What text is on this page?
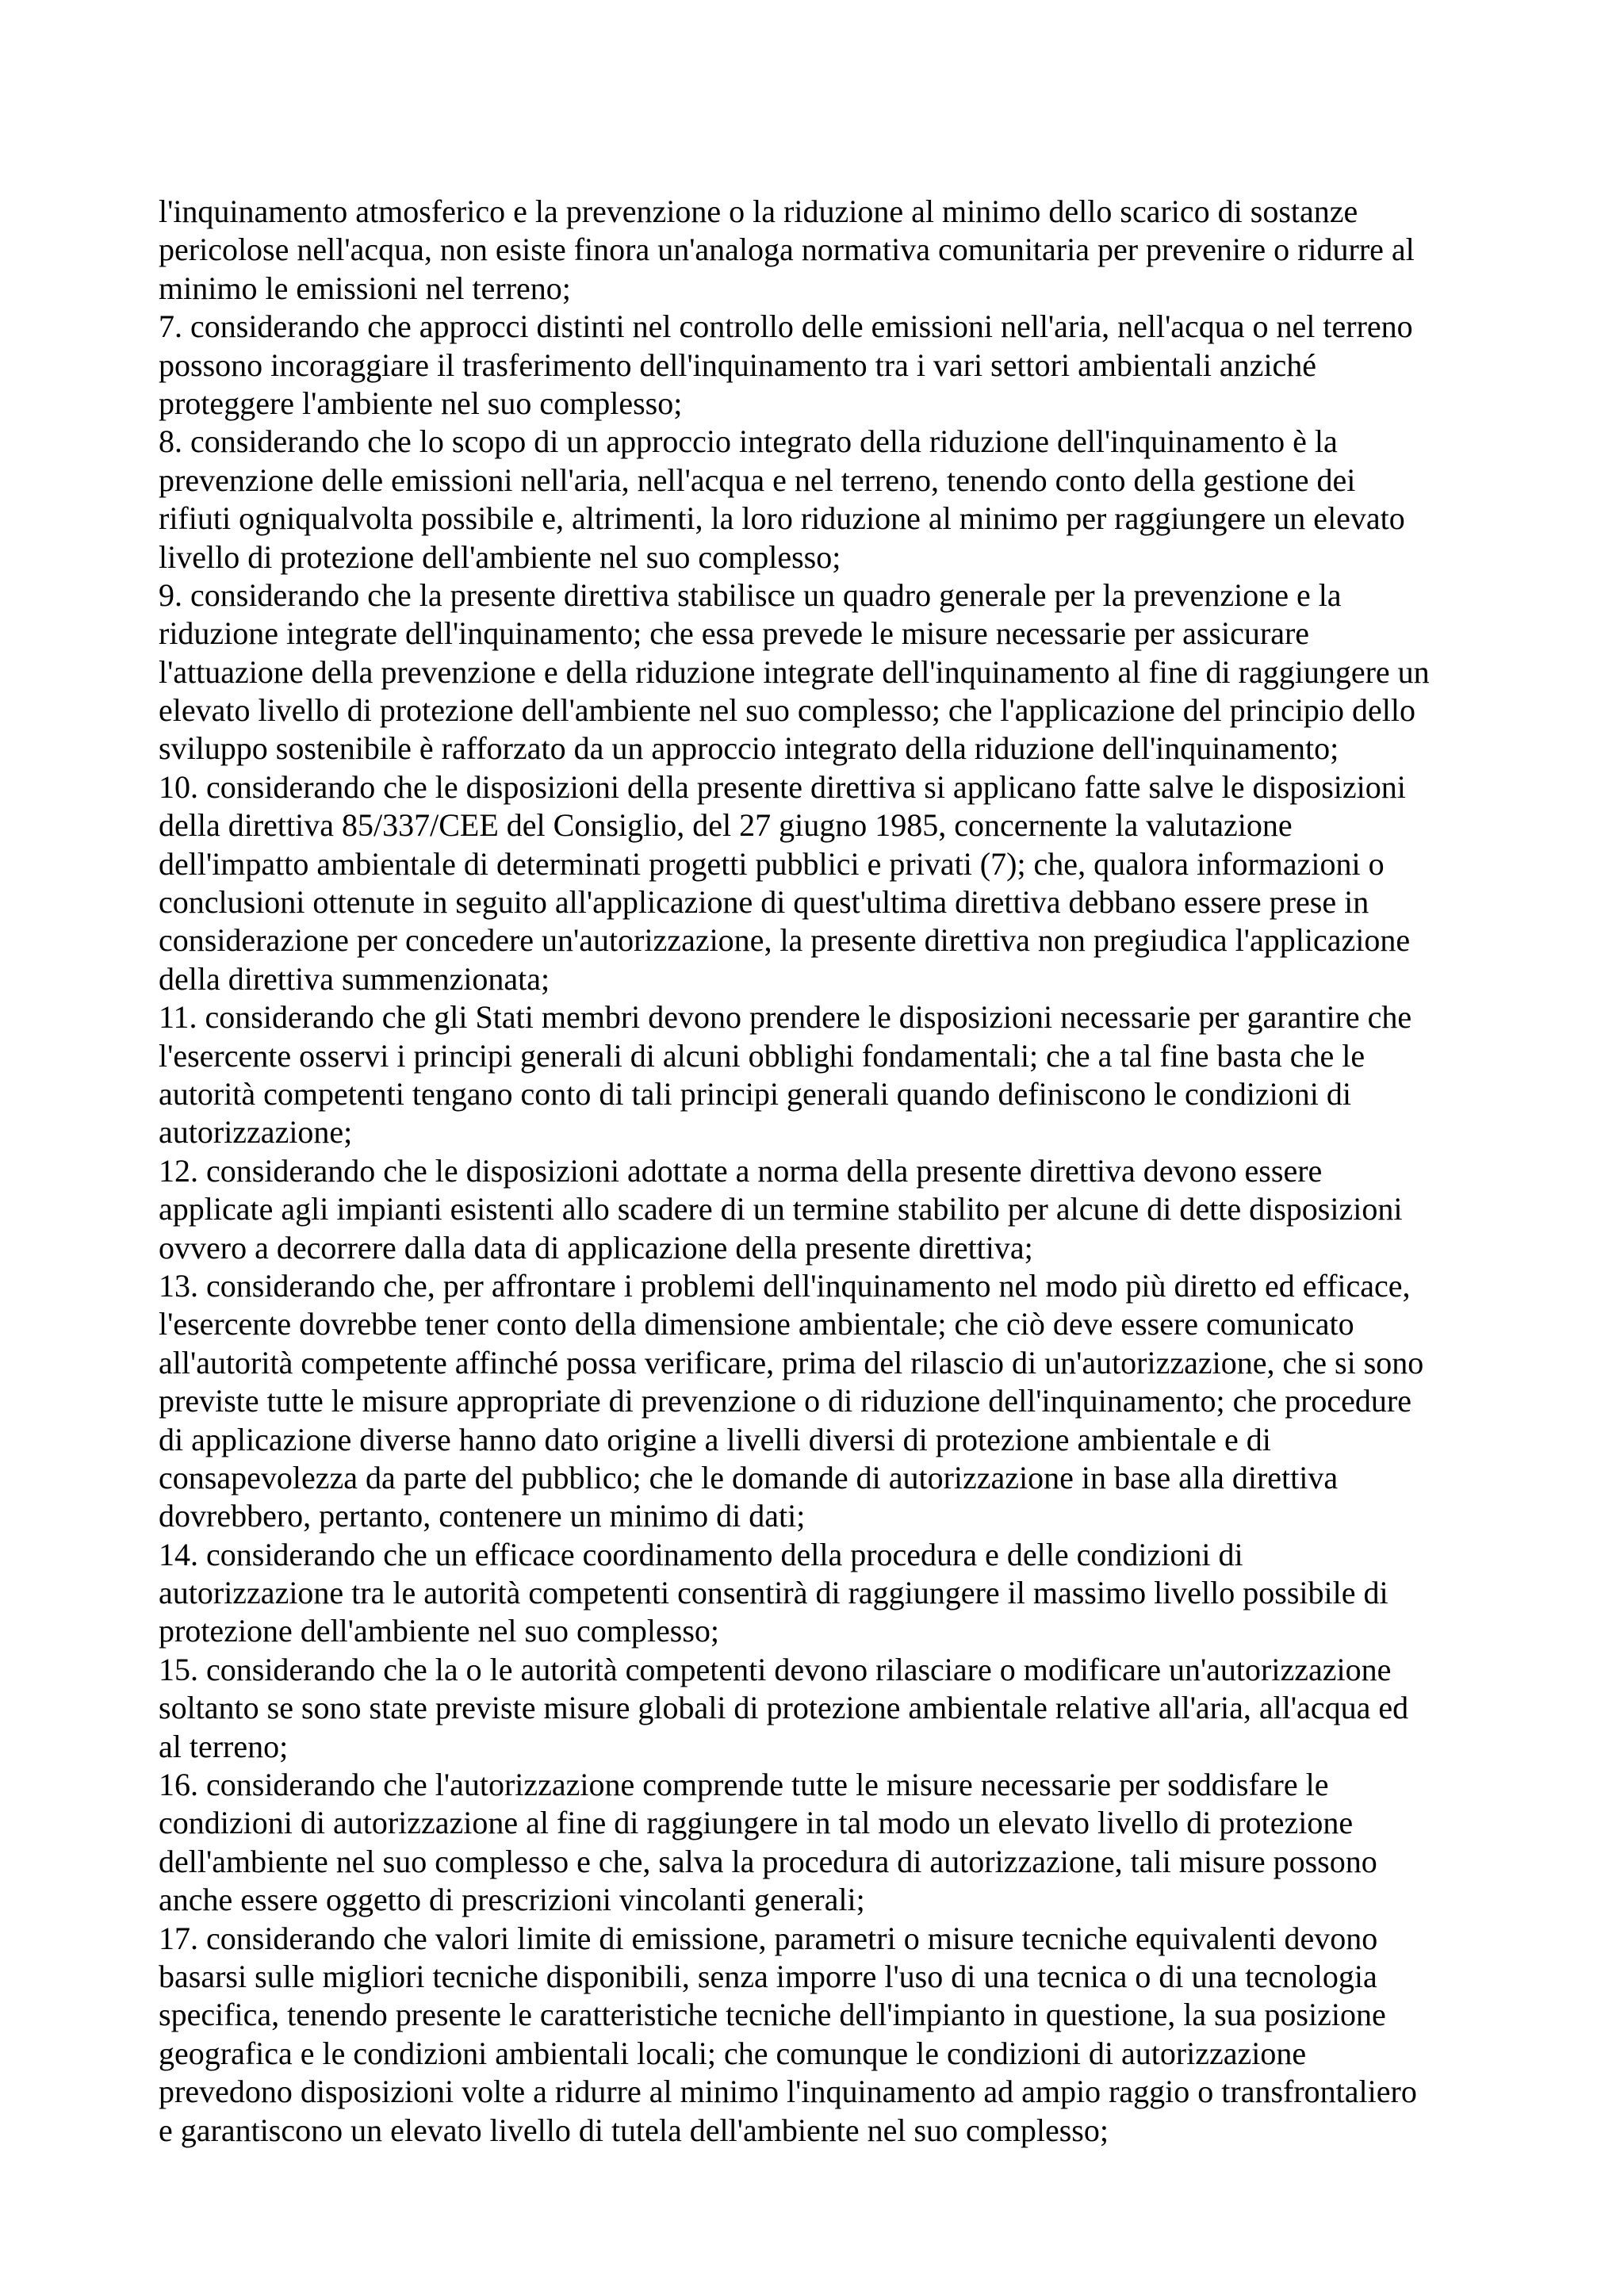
l'inquinamento atmosferico e la prevenzione o la riduzione al minimo dello scarico di sostanze
pericolose nell'acqua, non esiste finora un'analoga normativa comunitaria per prevenire o ridurre al
minimo le emissioni nel terreno;
7. considerando che approcci distinti nel controllo delle emissioni nell'aria, nell'acqua o nel terreno
possono incoraggiare il trasferimento dell'inquinamento tra i vari settori ambientali anziché
proteggere l'ambiente nel suo complesso;
8. considerando che lo scopo di un approccio integrato della riduzione dell'inquinamento è la
prevenzione delle emissioni nell'aria, nell'acqua e nel terreno, tenendo conto della gestione dei
rifiuti ogniqualvolta possibile e, altrimenti, la loro riduzione al minimo per raggiungere un elevato
livello di protezione dell'ambiente nel suo complesso;
9. considerando che la presente direttiva stabilisce un quadro generale per la prevenzione e la
riduzione integrate dell'inquinamento; che essa prevede le misure necessarie per assicurare
l'attuazione della prevenzione e della riduzione integrate dell'inquinamento al fine di raggiungere un
elevato livello di protezione dell'ambiente nel suo complesso; che l'applicazione del principio dello
sviluppo sostenibile è rafforzato da un approccio integrato della riduzione dell'inquinamento;
10. considerando che le disposizioni della presente direttiva si applicano fatte salve le disposizioni
della direttiva 85/337/CEE del Consiglio, del 27 giugno 1985, concernente la valutazione
dell'impatto ambientale di determinati progetti pubblici e privati (7); che, qualora informazioni o
conclusioni ottenute in seguito all'applicazione di quest'ultima direttiva debbano essere prese in
considerazione per concedere un'autorizzazione, la presente direttiva non pregiudica l'applicazione
della direttiva summenzionata;
11. considerando che gli Stati membri devono prendere le disposizioni necessarie per garantire che
l'esercente osservi i principi generali di alcuni obblighi fondamentali; che a tal fine basta che le
autorità competenti tengano conto di tali principi generali quando definiscono le condizioni di
autorizzazione;
12. considerando che le disposizioni adottate a norma della presente direttiva devono essere
applicate agli impianti esistenti allo scadere di un termine stabilito per alcune di dette disposizioni
ovvero a decorrere dalla data di applicazione della presente direttiva;
13. considerando che, per affrontare i problemi dell'inquinamento nel modo più diretto ed efficace,
l'esercente dovrebbe tener conto della dimensione ambientale; che ciò deve essere comunicato
all'autorità competente affinché possa verificare, prima del rilascio di un'autorizzazione, che si sono
previste tutte le misure appropriate di prevenzione o di riduzione dell'inquinamento; che procedure
di applicazione diverse hanno dato origine a livelli diversi di protezione ambientale e di
consapevolezza da parte del pubblico; che le domande di autorizzazione in base alla direttiva
dovrebbero, pertanto, contenere un minimo di dati;
14. considerando che un efficace coordinamento della procedura e delle condizioni di
autorizzazione tra le autorità competenti consentirà di raggiungere il massimo livello possibile di
protezione dell'ambiente nel suo complesso;
15. considerando che la o le autorità competenti devono rilasciare o modificare un'autorizzazione
soltanto se sono state previste misure globali di protezione ambientale relative all'aria, all'acqua ed
al terreno;
16. considerando che l'autorizzazione comprende tutte le misure necessarie per soddisfare le
condizioni di autorizzazione al fine di raggiungere in tal modo un elevato livello di protezione
dell'ambiente nel suo complesso e che, salva la procedura di autorizzazione, tali misure possono
anche essere oggetto di prescrizioni vincolanti generali;
17. considerando che valori limite di emissione, parametri o misure tecniche equivalenti devono
basarsi sulle migliori tecniche disponibili, senza imporre l'uso di una tecnica o di una tecnologia
specifica, tenendo presente le caratteristiche tecniche dell'impianto in questione, la sua posizione
geografica e le condizioni ambientali locali; che comunque le condizioni di autorizzazione
prevedono disposizioni volte a ridurre al minimo l'inquinamento ad ampio raggio o transfrontaliero
e garantiscono un elevato livello di tutela dell'ambiente nel suo complesso;
